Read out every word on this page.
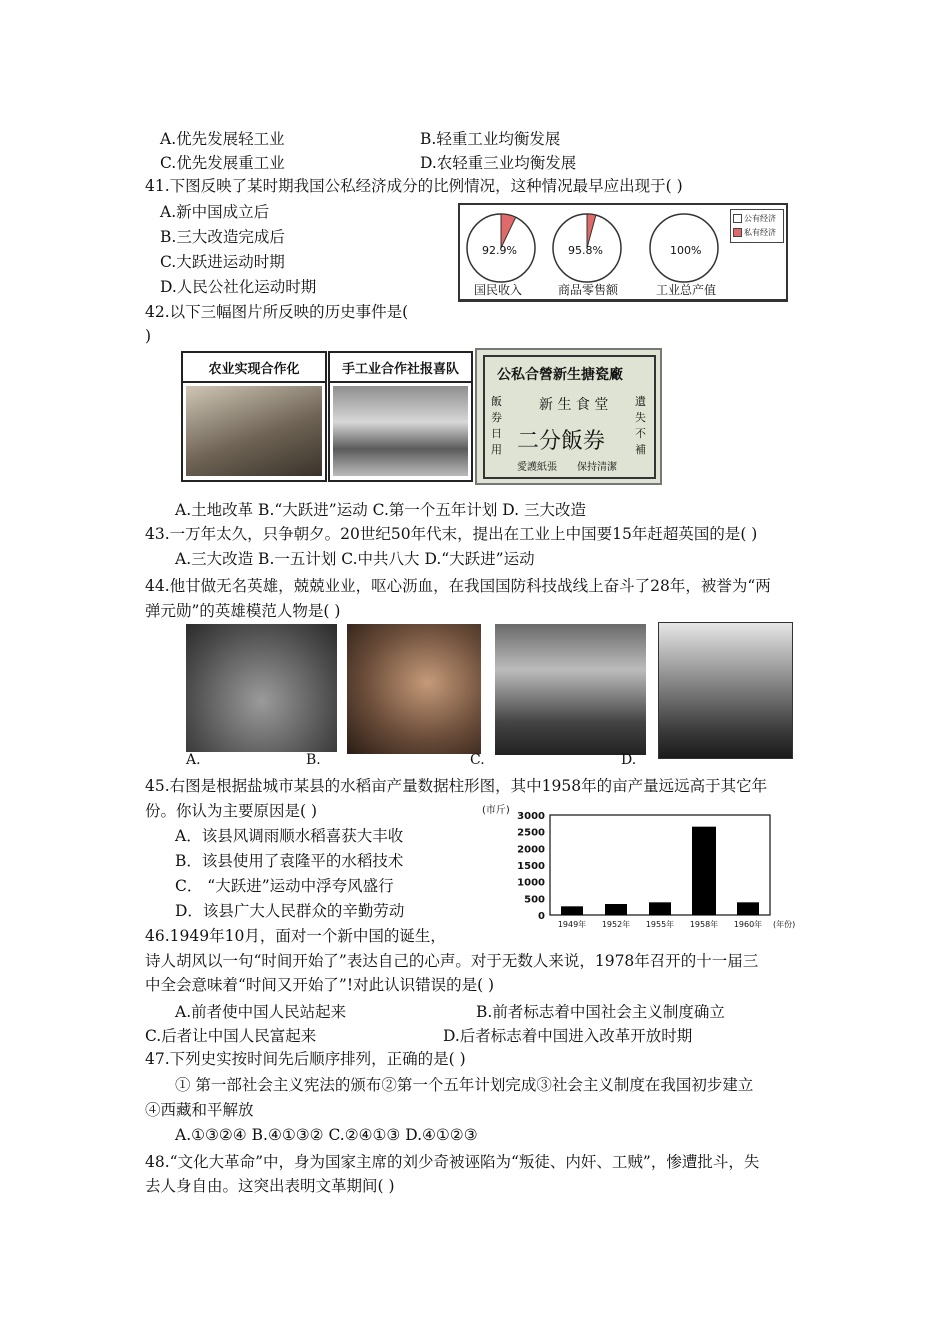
A.优先发展轻工业	B.轻重工业均衡发展
C.优先发展重工业	D.农轻重三业均衡发展
41.下图反映了某时期我国公私经济成分的比例情况，这种情况最早应出现于( )
A.新中国成立后
B.三大改造完成后
C.大跃进运动时期
D.人民公社化运动时期
92.9%	95.8%	100%
国民收入	商品零售额	工业总产值
公有经济
私有经济
42.以下三幅图片所反映的历史事件是(
)
农业实现合作化	手工业合作社报喜队	公私合營新生搪瓷廠
新 生 食 堂
二分飯券
飯券日用
遺失不補
愛護紙張 保持清潔
A.土地改革 B.“大跃进”运动 C.第一个五年计划 D. 三大改造
43.一万年太久，只争朝夕。20世纪50年代末，提出在工业上中国要15年赶超英国的是( )
A.三大改造 B.一五计划 C.中共八大 D.“大跃进”运动
44.他甘做无名英雄，兢兢业业，呕心沥血，在我国国防科技战线上奋斗了28年，被誉为“两
弹元勋”的英雄模范人物是( )
A.	B.	C.	D.
45.右图是根据盐城市某县的水稻亩产量数据柱形图，其中1958年的亩产量远远高于其它年
份。你认为主要原因是( )
A．该县风调雨顺水稻喜获大丰收
B．该县使用了袁隆平的水稻技术
C． “大跃进”运动中浮夸风盛行
D．该县广大人民群众的辛勤劳动
(市斤)
0
500
1000
1500
2000
2500
3000
1949年 1952年 1955年 1958年 1960年 (年份)
46.1949年10月，面对一个新中国的诞生，
诗人胡风以一句“时间开始了”表达自己的心声。对于无数人来说，1978年召开的十一届三
中全会意味着“时间又开始了”!对此认识错误的是( )
A.前者使中国人民站起来	B.前者标志着中国社会主义制度确立
C.后者让中国人民富起来	D.后者标志着中国进入改革开放时期
47.下列史实按时间先后顺序排列，正确的是( )
① 第一部社会主义宪法的颁布②第一个五年计划完成③社会主义制度在我国初步建立
④西藏和平解放
A.①③②④ B.④①③② C.②④①③ D.④①②③
48.“文化大革命”中，身为国家主席的刘少奇被诬陷为“叛徒、内奸、工贼”，惨遭批斗，失
去人身自由。这突出表明文革期间( )
